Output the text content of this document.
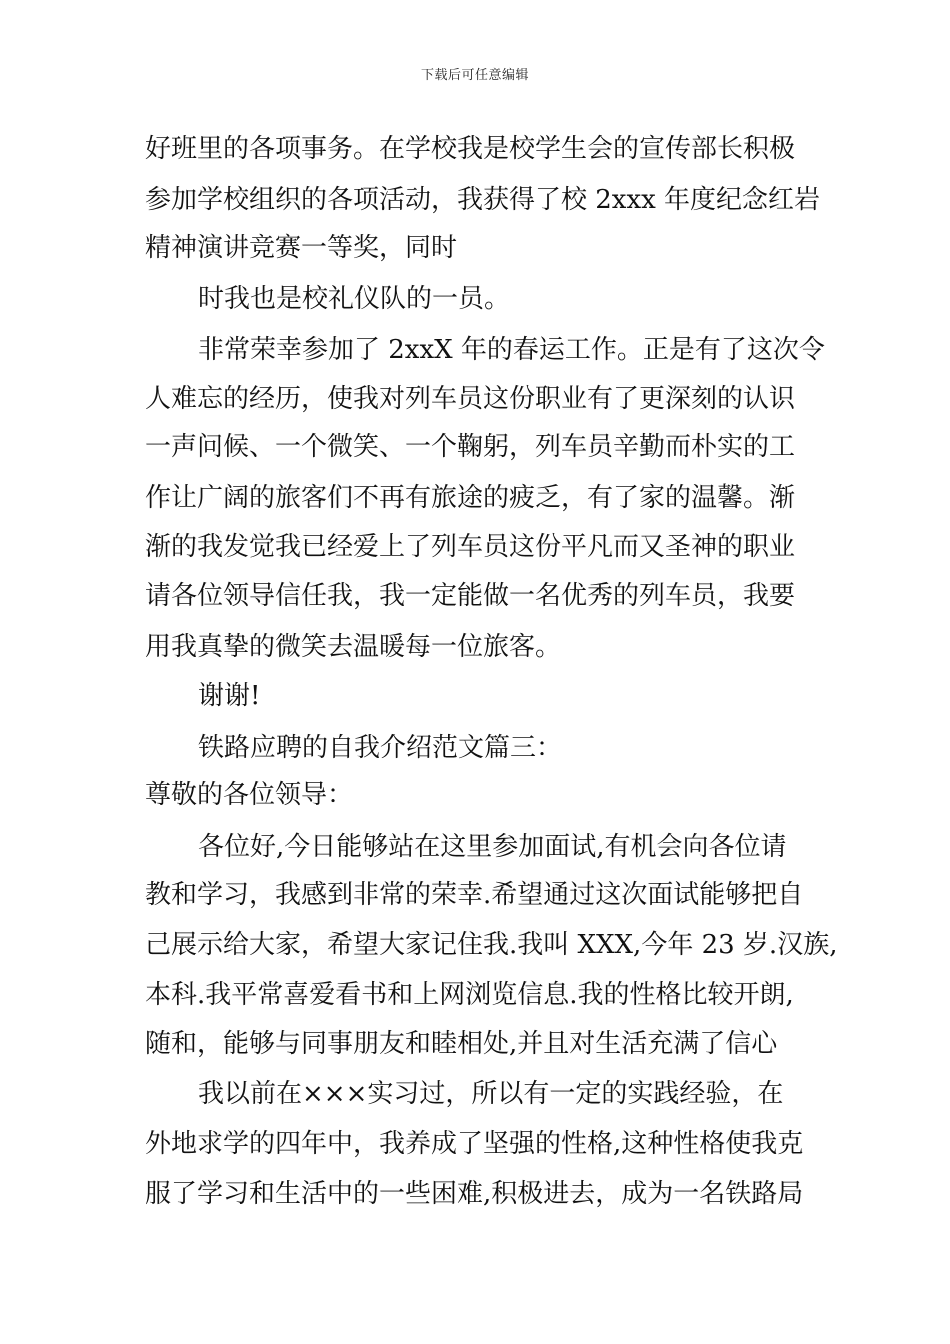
下载后可任意编辑
好班里的各项事务。在学校我是校学生会的宣传部长积极
参加学校组织的各项活动，我获得了校 2xxx 年度纪念红岩
精神演讲竞赛一等奖，同时
时我也是校礼仪队的一员。
非常荣幸参加了 2xxX 年的春运工作。正是有了这次令
人难忘的经历，使我对列车员这份职业有了更深刻的认识
一声问候、一个微笑、一个鞠躬，列车员辛勤而朴实的工
作让广阔的旅客们不再有旅途的疲乏，有了家的温馨。渐
渐的我发觉我已经爱上了列车员这份平凡而又圣神的职业
请各位领导信任我，我一定能做一名优秀的列车员，我要
用我真挚的微笑去温暖每一位旅客。
谢谢!
铁路应聘的自我介绍范文篇三：
尊敬的各位领导：
各位好,今日能够站在这里参加面试,有机会向各位请
教和学习，我感到非常的荣幸.希望通过这次面试能够把自
己展示给大家，希望大家记住我.我叫 XXX,今年 23 岁.汉族,
本科.我平常喜爱看书和上网浏览信息.我的性格比较开朗,
随和，能够与同事朋友和睦相处,并且对生活充满了信心
我以前在×××实习过，所以有一定的实践经验，在
外地求学的四年中，我养成了坚强的性格,这种性格使我克
服了学习和生活中的一些困难,积极进去，成为一名铁路局
